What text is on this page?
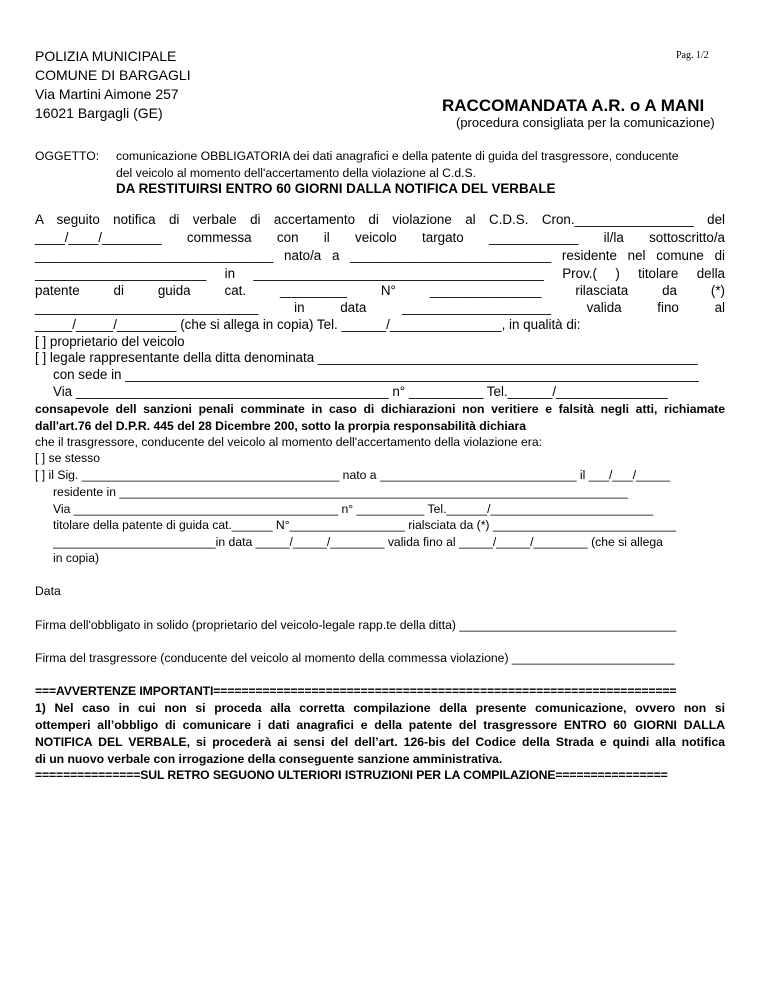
Pag. 1/2
POLIZIA MUNICIPALE
COMUNE DI BARGAGLI
Via Martini Aimone 257
16021 Bargagli (GE)	RACCOMANDATA A.R. o A MANI
(procedura consigliata per la comunicazione)
OGGETTO: comunicazione OBBLIGATORIA dei dati anagrafici e della patente di guida del trasgressore, conducente
del veicolo al momento dell'accertamento della violazione al C.d.S.
DA RESTITUIRSI ENTRO 60 GIORNI DALLA NOTIFICA DEL VERBALE
A seguito notifica di verbale di accertamento di violazione al C.D.S. Cron.________________ del
____/____/________ commessa con il veicolo targato ____________ il/la sottoscritto/a
________________________________ nato/a a ___________________________ residente nel comune di
_______________________ in _______________________________________ Prov.( ) titolare della
patente di guida cat. _________ N° _______________ rilasciata da (*)
______________________________ in data ____________________ valida fino al
_____/_____/________ (che si allega in copia) Tel. ______/_______________, in qualità di:
[ ] proprietario del veicolo
[ ] legale rappresentante della ditta denominata ___________________________________________________
con sede in _____________________________________________________________________________
Via __________________________________________ n° __________ Tel.______/_______________
consapevole dell sanzioni penali comminate in caso di dichiarazioni non veritiere e falsità negli atti, richiamate
dall'art.76 del D.P.R. 445 del 28 Dicembre 200, sotto la prorpia responsabilità dichiara
che il trasgressore, conducente del veicolo al momento dell'accertamento della violazione era:
[ ] se stesso
[ ] il Sig. ______________________________________ nato a _____________________________ il ___/___/_____
residente in ___________________________________________________________________________
Via _______________________________________ n° __________ Tel.______/________________________
titolare della patente di guida cat.______ N°_________________ rialsciata da (*) ___________________________
________________________in data _____/_____/________ valida fino al _____/_____/________ (che si allega
in copia)
Data
Firma dell'obbligato in solido (proprietario del veicolo-legale rapp.te della ditta) ________________________________
Firma del trasgressore (conducente del veicolo al momento della commessa violazione) ________________________
===AVVERTENZE IMPORTANTI==================================================================
1) Nel caso in cui non si proceda alla corretta compilazione della presente comunicazione, ovvero non si
ottemperi all’obbligo di comunicare i dati anagrafici e della patente del trasgressore ENTRO 60 GIORNI DALLA
NOTIFICA DEL VERBALE, si procederà ai sensi del dell’art. 126-bis del Codice della Strada e quindi alla notifica
di un nuovo verbale con irrogazione della conseguente sanzione amministrativa.
===============SUL RETRO SEGUONO ULTERIORI ISTRUZIONI PER LA COMPILAZIONE================
